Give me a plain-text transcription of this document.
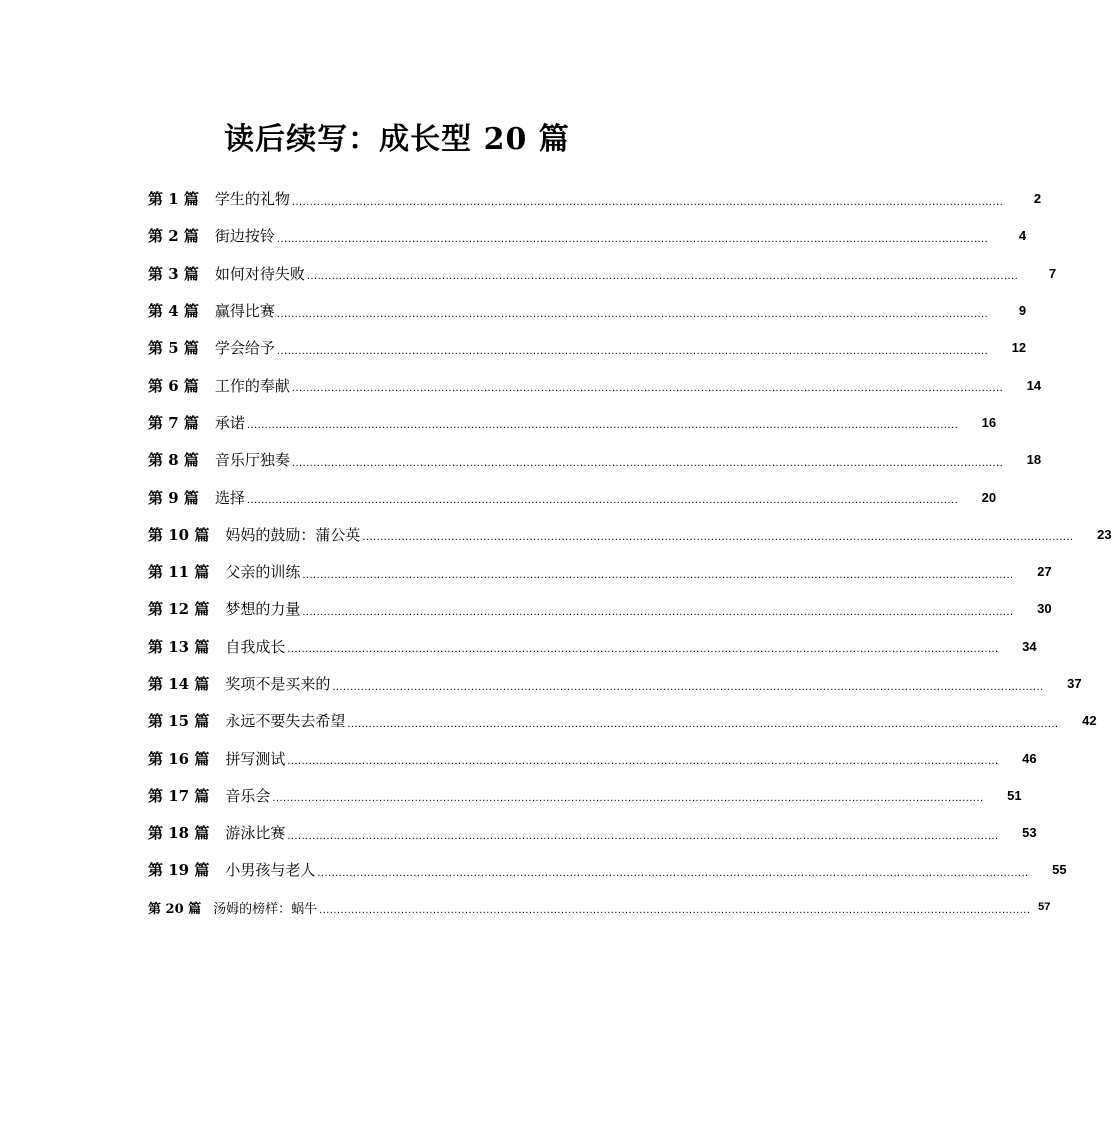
读后续写：成长型 20 篇
第 1 篇 学生的礼物 ........................................................................................................................................................................................................	2
第 2 篇 街边按铃 ........................................................................................................................................................................................................	4
第 3 篇 如何对待失败 ........................................................................................................................................................................................................	7
第 4 篇 赢得比赛 ........................................................................................................................................................................................................	9
第 5 篇 学会给予 ........................................................................................................................................................................................................	12
第 6 篇 工作的奉献 ........................................................................................................................................................................................................	14
第 7 篇 承诺 ........................................................................................................................................................................................................	16
第 8 篇 音乐厅独奏 ........................................................................................................................................................................................................	18
第 9 篇 选择 ........................................................................................................................................................................................................	20
第 10 篇 妈妈的鼓励：蒲公英 ........................................................................................................................................................................................................	23
第 11 篇 父亲的训练 ........................................................................................................................................................................................................	27
第 12 篇 梦想的力量 ........................................................................................................................................................................................................	30
第 13 篇 自我成长 ........................................................................................................................................................................................................	34
第 14 篇 奖项不是买来的 ........................................................................................................................................................................................................	37
第 15 篇 永远不要失去希望 ........................................................................................................................................................................................................	42
第 16 篇 拼写测试 ........................................................................................................................................................................................................	46
第 17 篇 音乐会 ........................................................................................................................................................................................................	51
第 18 篇 游泳比赛 ........................................................................................................................................................................................................	53
第 19 篇 小男孩与老人 ........................................................................................................................................................................................................	55
第 20 篇 汤姆的榜样：蜗牛 ........................................................................................................................................................................................................ 57
